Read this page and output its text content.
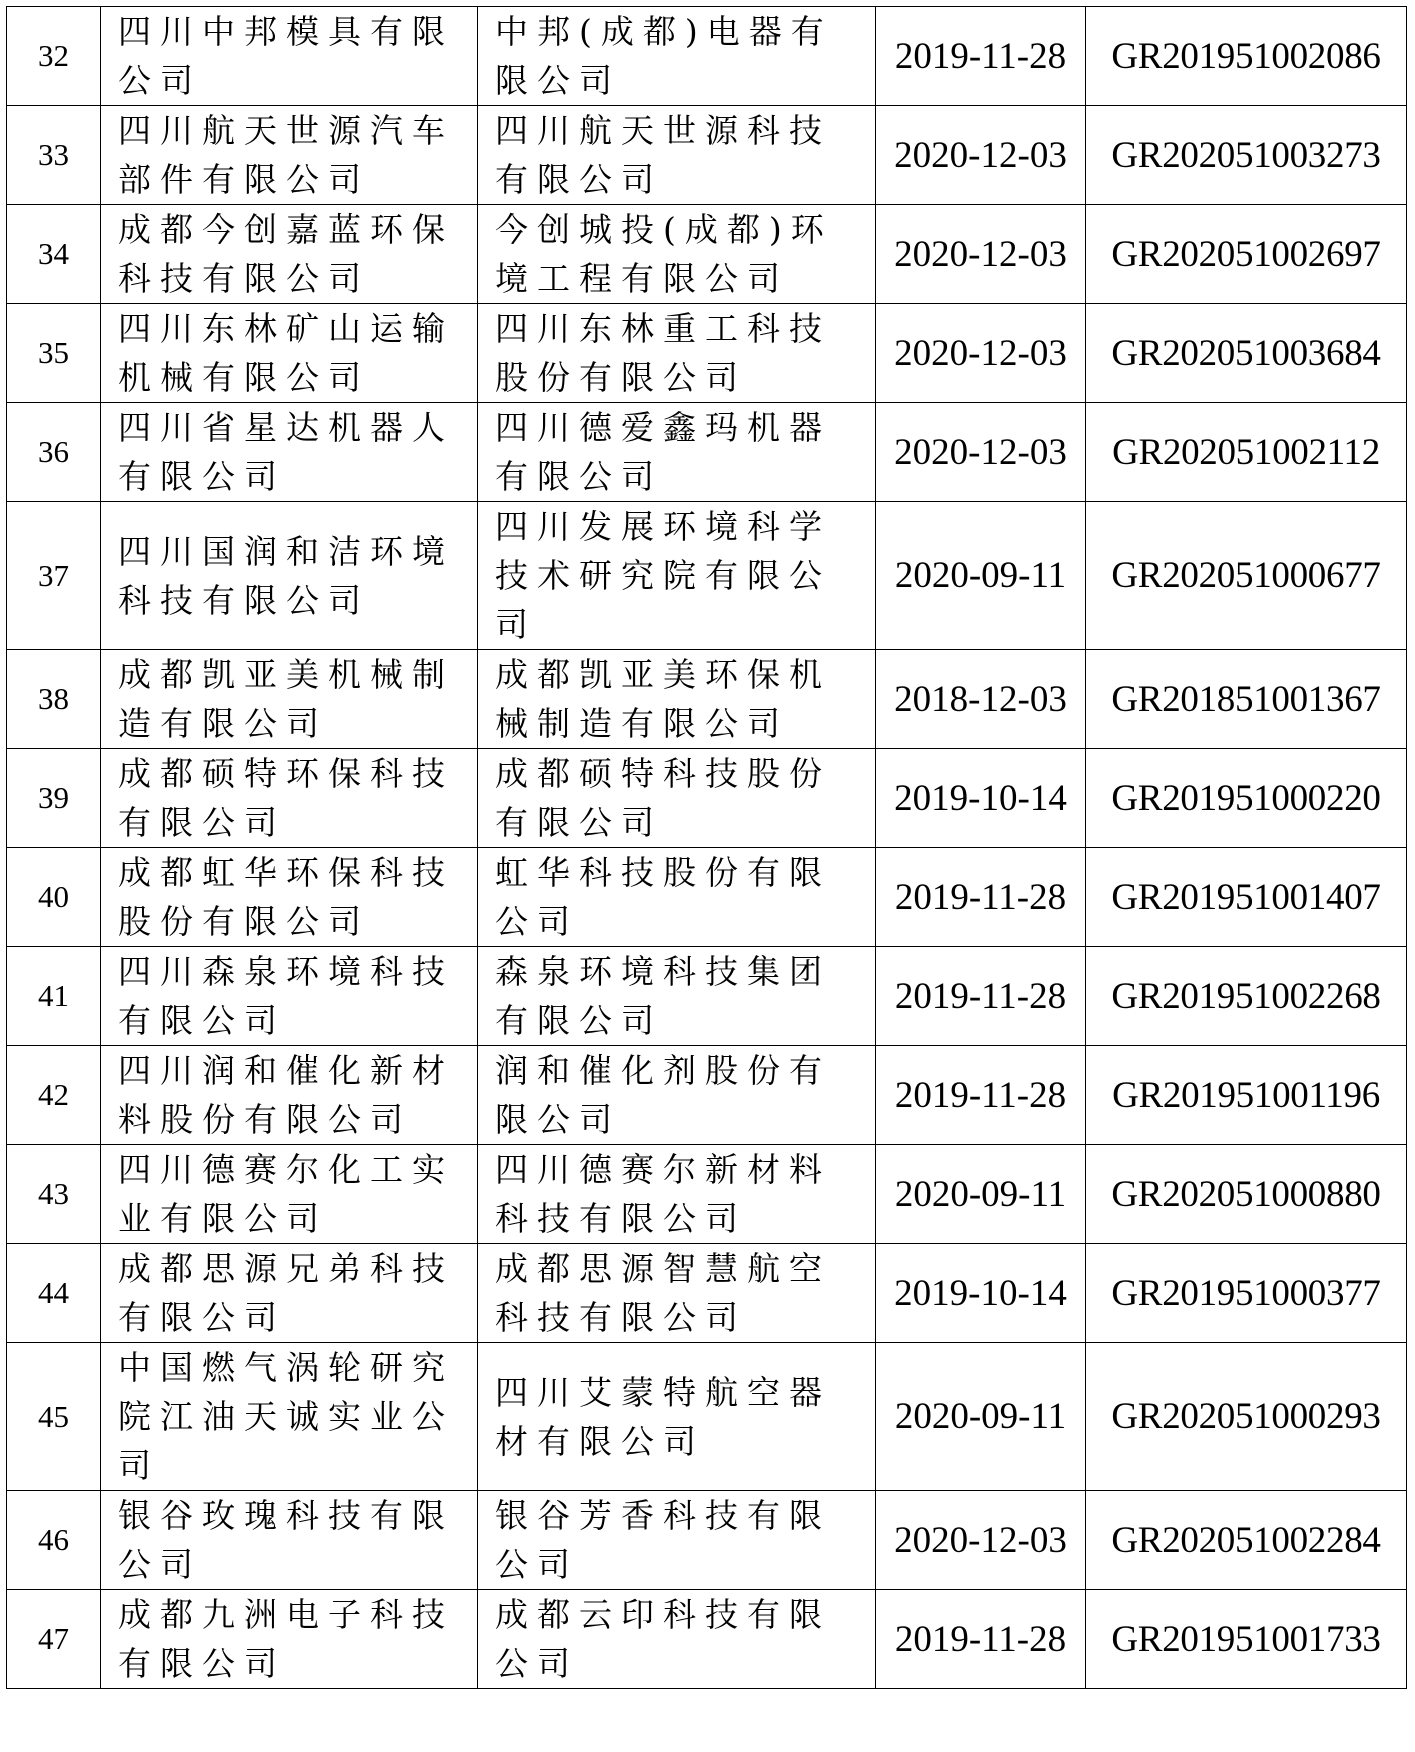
32	四川中邦模具有限公司	中邦(成都)电器有限公司	2019-11-28	GR201951002086
33	四川航天世源汽车部件有限公司	四川航天世源科技有限公司	2020-12-03	GR202051003273
34	成都今创嘉蓝环保科技有限公司	今创城投(成都)环境工程有限公司	2020-12-03	GR202051002697
35	四川东林矿山运输机械有限公司	四川东林重工科技股份有限公司	2020-12-03	GR202051003684
36	四川省星达机器人有限公司	四川德爱鑫玛机器有限公司	2020-12-03	GR202051002112
37	四川国润和洁环境科技有限公司	四川发展环境科学技术研究院有限公司	2020-09-11	GR202051000677
38	成都凯亚美机械制造有限公司	成都凯亚美环保机械制造有限公司	2018-12-03	GR201851001367
39	成都硕特环保科技有限公司	成都硕特科技股份有限公司	2019-10-14	GR201951000220
40	成都虹华环保科技股份有限公司	虹华科技股份有限公司	2019-11-28	GR201951001407
41	四川森泉环境科技有限公司	森泉环境科技集团有限公司	2019-11-28	GR201951002268
42	四川润和催化新材料股份有限公司	润和催化剂股份有限公司	2019-11-28	GR201951001196
43	四川德赛尔化工实业有限公司	四川德赛尔新材料科技有限公司	2020-09-11	GR202051000880
44	成都思源兄弟科技有限公司	成都思源智慧航空科技有限公司	2019-10-14	GR201951000377
45	中国燃气涡轮研究院江油天诚实业公司	四川艾蒙特航空器材有限公司	2020-09-11	GR202051000293
46	银谷玫瑰科技有限公司	银谷芳香科技有限公司	2020-12-03	GR202051002284
47	成都九洲电子科技有限公司	成都云印科技有限公司	2019-11-28	GR201951001733
